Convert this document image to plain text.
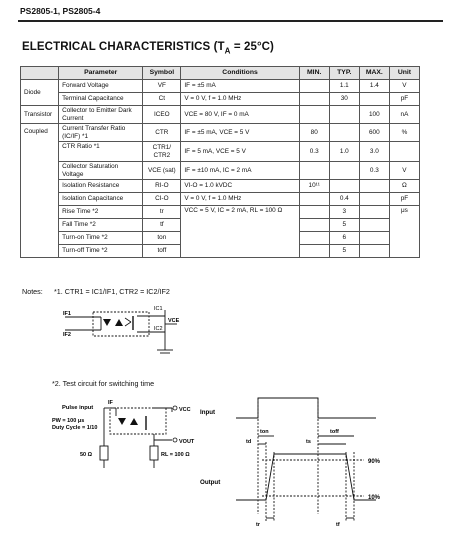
PS2805-1, PS2805-4
ELECTRICAL CHARACTERISTICS $(T_A = 25^\circ C)$
	Parameter	Symbol	Conditions	MIN.	TYP.	MAX.	Unit
Diode	Forward Voltage	VF	IF = ±5 mA		1.1	1.4	V
	Terminal Capacitance	Ct	V = 0 V, f = 1.0 MHz		30		pF
Transistor	Collector to Emitter Dark Current	ICEO	VCE = 80 V, IF = 0 mA			100	nA
Coupled	Current Transfer Ratio (IC/IF) *1	CTR	IF = ±5 mA, VCE = 5 V	80		600	%
	CTR Ratio *1	CTR1/ CTR2	IF = 5 mA, VCE = 5 V	0.3	1.0	3.0	
	Collector Saturation Voltage	VCE (sat)	IF = ±10 mA, IC = 2 mA			0.3	V
	Isolation Resistance	RI-O	VI-O = 1.0 kVDC	10¹¹			Ω
	Isolation Capacitance	CI-O	V = 0 V, f = 1.0 MHz		0.4		pF
	Rise Time *2	tr	VCC = 5 V, IC = 2 mA, RL = 100 Ω		3		μs
	Fall Time *2	tf			5		
	Turn-on Time *2	ton			6		
	Turn-off Time *2	toff			5		
Notes: *1. CTR1 = IC1/IF1, CTR2 = IC2/IF2
IF1
IF2
IC1
IC2
VCE
*2. Test circuit for switching time
Pulse input
IF
PW = 100 μs
Duty Cycle = 1/10
VCC
VOUT
50 Ω	RL = 100 Ω
Input
Output
90%
10%
ton	toff
td	ts
tr	tf
